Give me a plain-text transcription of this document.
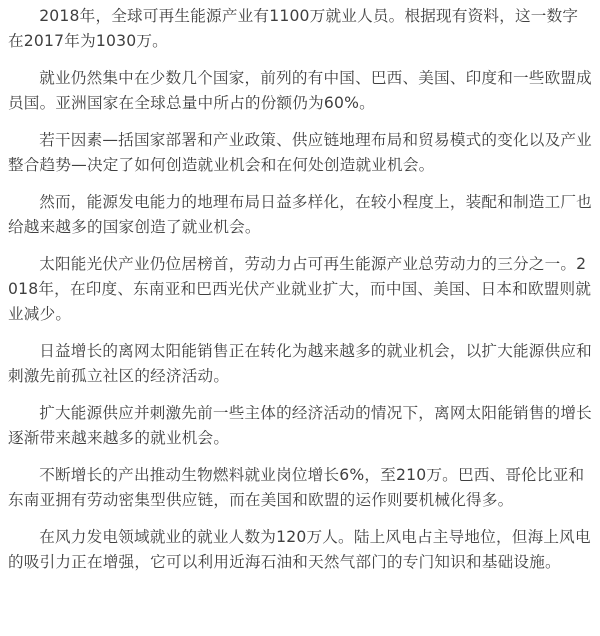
2018年，全球可再生能源产业有1100万就业人员。根据现有资料，这一数字在2017年为1030万。

就业仍然集中在少数几个国家，前列的有中国、巴西、美国、印度和一些欧盟成员国。亚洲国家在全球总量中所占的份额仍为60%。

若干因素—括国家部署和产业政策、供应链地理布局和贸易模式的变化以及产业整合趋势—决定了如何创造就业机会和在何处创造就业机会。

然而，能源发电能力的地理布局日益多样化，在较小程度上，装配和制造工厂也给越来越多的国家创造了就业机会。

太阳能光伏产业仍位居榜首，劳动力占可再生能源产业总劳动力的三分之一。2018年，在印度、东南亚和巴西光伏产业就业扩大，而中国、美国、日本和欧盟则就业减少。

日益增长的离网太阳能销售正在转化为越来越多的就业机会，以扩大能源供应和刺激先前孤立社区的经济活动。

扩大能源供应并刺激先前一些主体的经济活动的情况下，离网太阳能销售的增长逐渐带来越来越多的就业机会。

不断增长的产出推动生物燃料就业岗位增长6%，至210万。巴西、哥伦比亚和东南亚拥有劳动密集型供应链，而在美国和欧盟的运作则要机械化得多。

在风力发电领域就业的就业人数为120万人。陆上风电占主导地位，但海上风电的吸引力正在增强，它可以利用近海石油和天然气部门的专门知识和基础设施。
